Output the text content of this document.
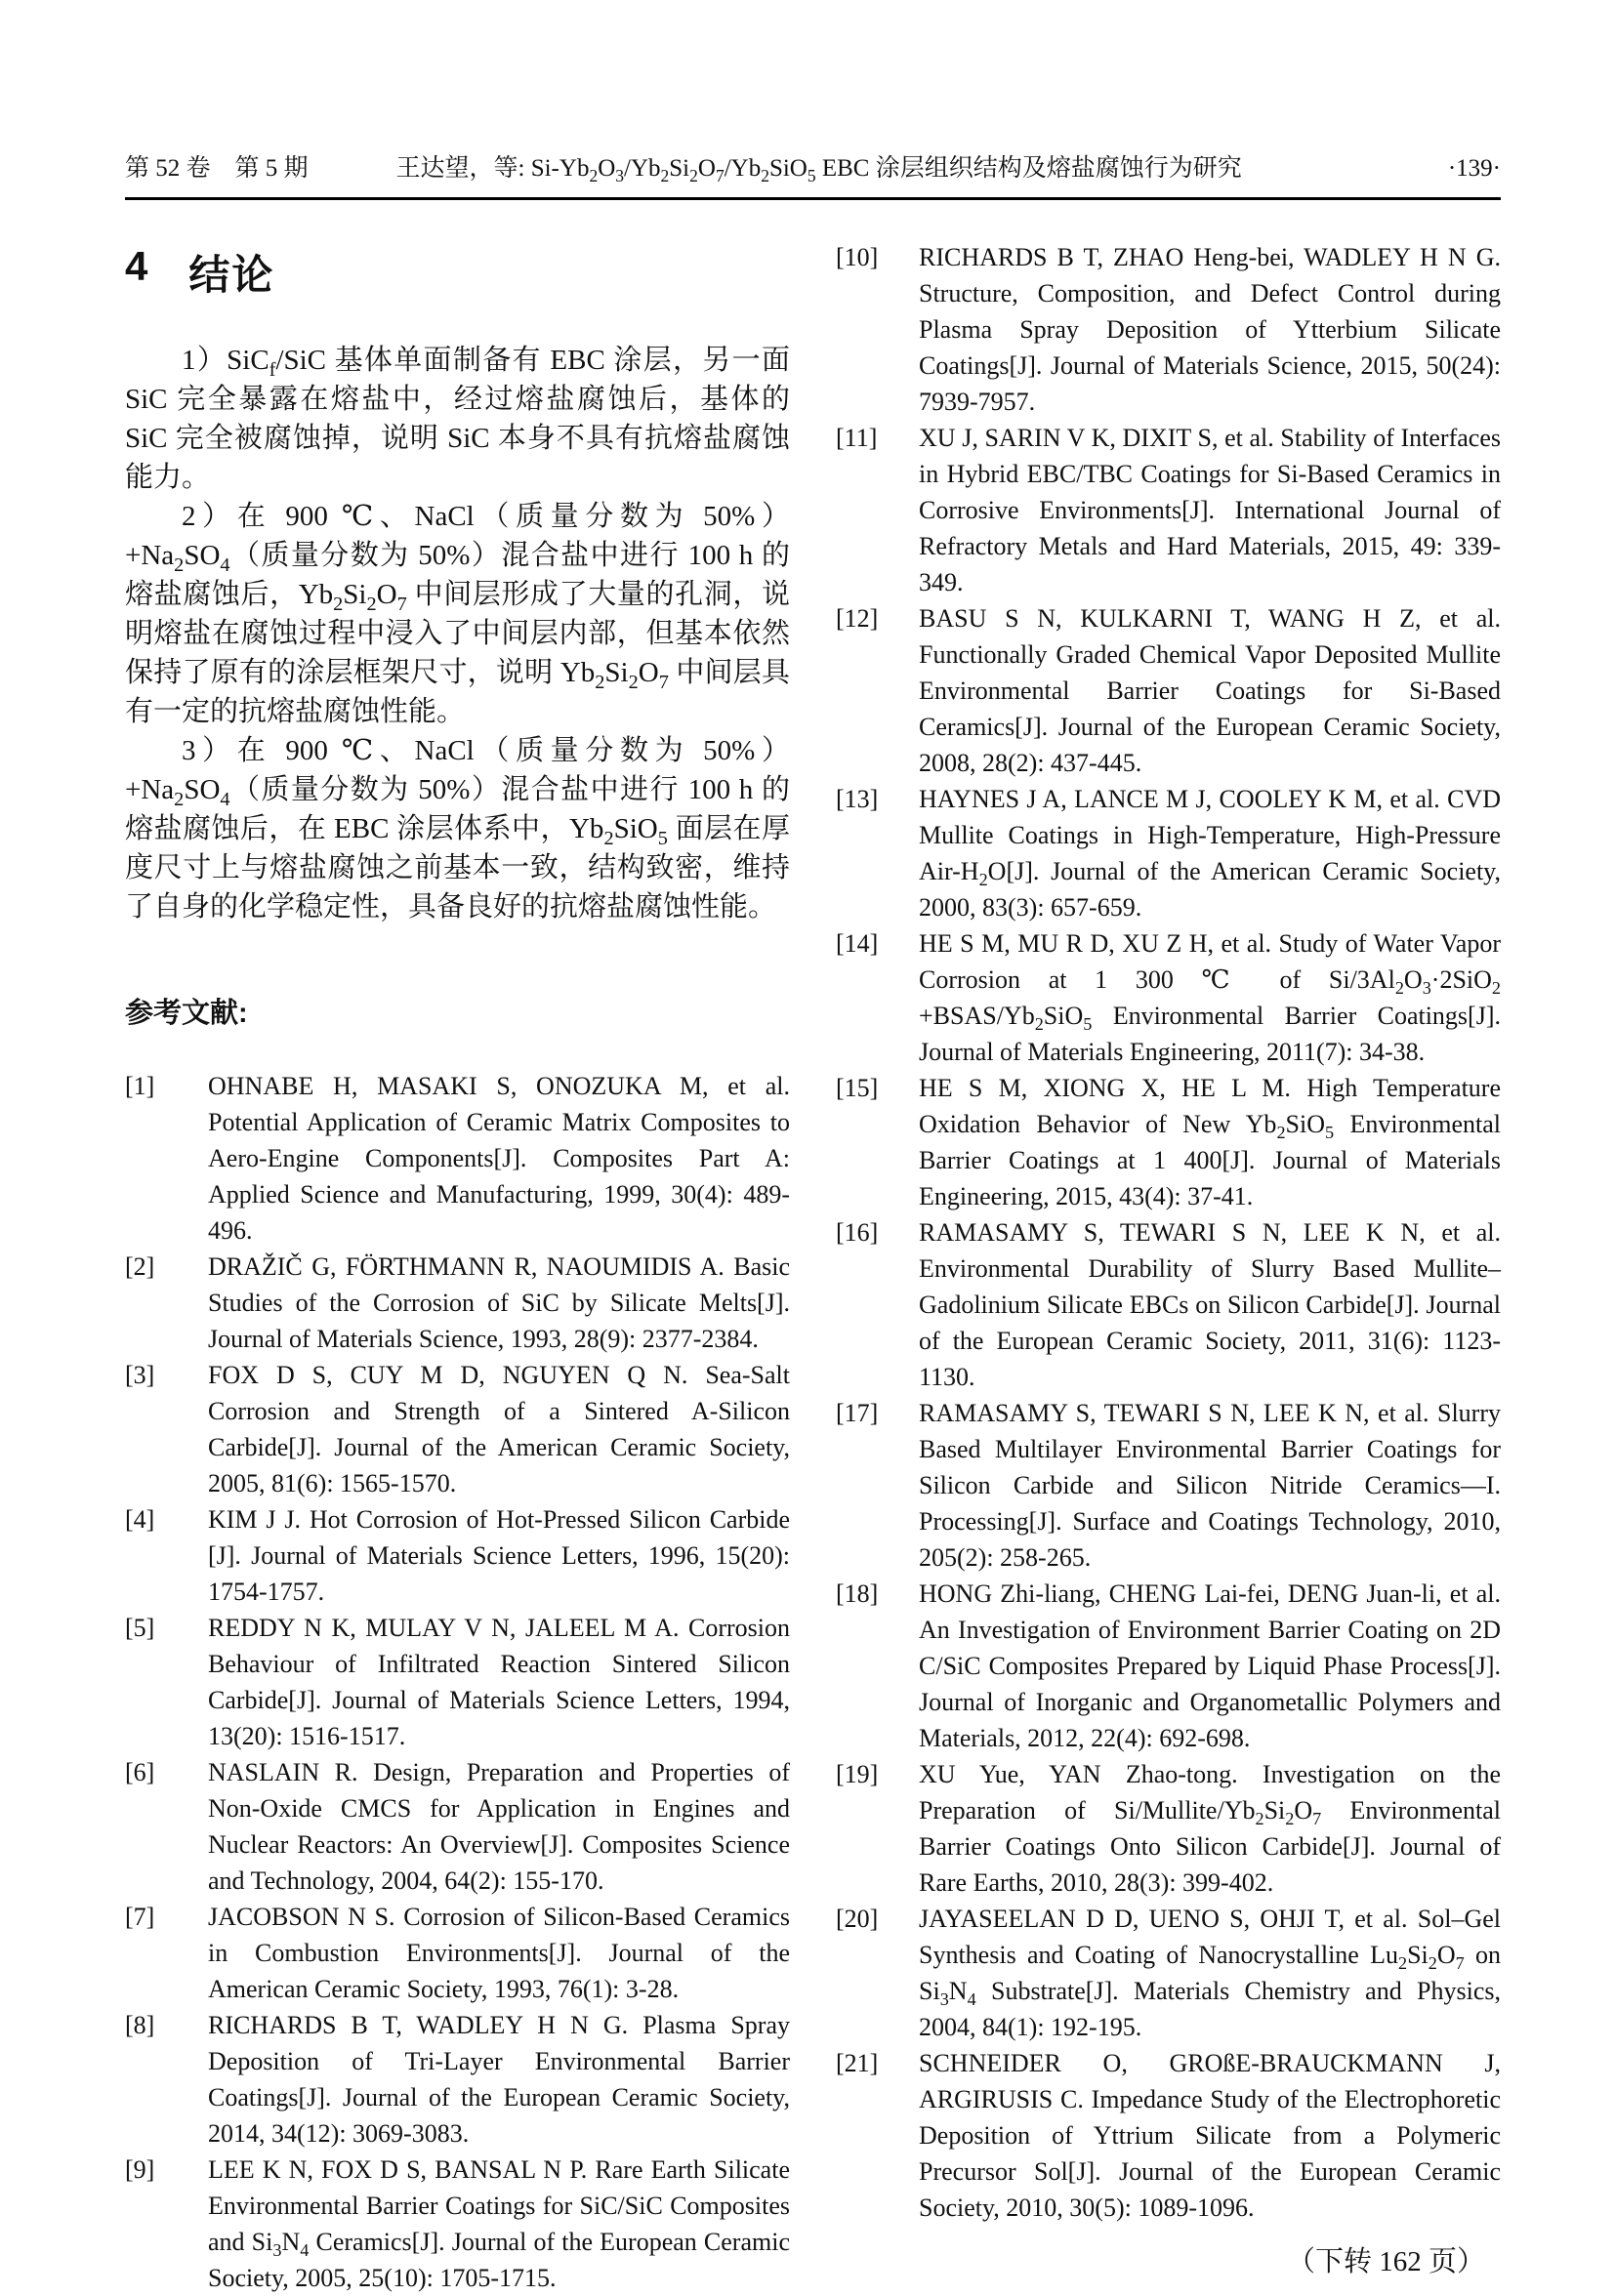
第 52 卷　第 5 期	王达望，等: $Si-Yb_2O_3/Yb_2Si_2O_7/Yb_2SiO_5$ EBC 涂层组织结构及熔盐腐蚀行为研究	·139·
4 结论

1）SiC$_f$/SiC 基体单面制备有 EBC 涂层，另一面 SiC 完全暴露在熔盐中，经过熔盐腐蚀后，基体的 SiC 完全被腐蚀掉，说明 SiC 本身不具有抗熔盐腐蚀能力。

2）在 900 ℃、NaCl（质量分数为 $50\%)+Na_2SO_4$（质量分数为 50%）混合盐中进行 100 h 的熔盐腐蚀后，$Yb_2Si_2O_7$ 中间层形成了大量的孔洞，说明熔盐在腐蚀过程中浸入了中间层内部，但基本依然保持了原有的涂层框架尺寸，说明 $Yb_2Si_2O_7$ 中间层具有一定的抗熔盐腐蚀性能。

3）在 900 ℃、NaCl（质量分数为 $50\%)+Na_2SO_4$（质量分数为 50%）混合盐中进行 100 h 的熔盐腐蚀后，在 EBC 涂层体系中，$Yb_2SiO_5$ 面层在厚度尺寸上与熔盐腐蚀之前基本一致，结构致密，维持了自身的化学稳定性，具备良好的抗熔盐腐蚀性能。

参考文献:
[1]	OHNABE H, MASAKI S, ONOZUKA M, et al. Potential Application of Ceramic Matrix Composites to Aero-Engine Components[J]. Composites Part A: Applied Science and Manufacturing, 1999, 30(4): 489-496.
[2]	DRAŽIČ G, FÖRTHMANN R, NAOUMIDIS A. Basic Studies of the Corrosion of SiC by Silicate Melts[J]. Journal of Materials Science, 1993, 28(9): 2377-2384.
[3]	FOX D S, CUY M D, NGUYEN Q N. Sea-Salt Corrosion and Strength of a Sintered A-Silicon Carbide[J]. Journal of the American Ceramic Society, 2005, 81(6): 1565-1570.
[4]	KIM J J. Hot Corrosion of Hot-Pressed Silicon Carbide [J]. Journal of Materials Science Letters, 1996, 15(20): 1754-1757.
[5]	REDDY N K, MULAY V N, JALEEL M A. Corrosion Behaviour of Infiltrated Reaction Sintered Silicon Carbide[J]. Journal of Materials Science Letters, 1994, 13(20): 1516-1517.
[6]	NASLAIN R. Design, Preparation and Properties of Non-Oxide CMCS for Application in Engines and Nuclear Reactors: An Overview[J]. Composites Science and Technology, 2004, 64(2): 155-170.
[7]	JACOBSON N S. Corrosion of Silicon-Based Ceramics in Combustion Environments[J]. Journal of the American Ceramic Society, 1993, 76(1): 3-28.
[8]	RICHARDS B T, WADLEY H N G. Plasma Spray Deposition of Tri-Layer Environmental Barrier Coatings[J]. Journal of the European Ceramic Society, 2014, 34(12): 3069-3083.
[9]	LEE K N, FOX D S, BANSAL N P. Rare Earth Silicate Environmental Barrier Coatings for SiC/SiC Composites and $Si_3N_4$ Ceramics[J]. Journal of the European Ceramic Society, 2005, 25(10): 1705-1715.
[10]	RICHARDS B T, ZHAO Heng-bei, WADLEY H N G. Structure, Composition, and Defect Control during Plasma Spray Deposition of Ytterbium Silicate Coatings[J]. Journal of Materials Science, 2015, 50(24): 7939-7957.
[11]	XU J, SARIN V K, DIXIT S, et al. Stability of Interfaces in Hybrid EBC/TBC Coatings for Si-Based Ceramics in Corrosive Environments[J]. International Journal of Refractory Metals and Hard Materials, 2015, 49: 339-349.
[12]	BASU S N, KULKARNI T, WANG H Z, et al. Functionally Graded Chemical Vapor Deposited Mullite Environmental Barrier Coatings for Si-Based Ceramics[J]. Journal of the European Ceramic Society, 2008, 28(2): 437-445.
[13]	HAYNES J A, LANCE M J, COOLEY K M, et al. CVD Mullite Coatings in High-Temperature, High-Pressure Air-$H_2O[J]$. Journal of the American Ceramic Society, 2000, 83(3): 657-659.
[14]	HE S M, MU R D, XU Z H, et al. Study of Water Vapor Corrosion at 1 300 ℃ of $Si/3Al_2O_3\cdot 2SiO_2$ $+BSAS/Yb_2SiO_5$ Environmental Barrier Coatings[J]. Journal of Materials Engineering, 2011(7): 34-38.
[15]	HE S M, XIONG X, HE L M. High Temperature Oxidation Behavior of New $Yb_2SiO_5$ Environmental Barrier Coatings at 1 400[J]. Journal of Materials Engineering, 2015, 43(4): 37-41.
[16]	RAMASAMY S, TEWARI S N, LEE K N, et al. Environmental Durability of Slurry Based Mullite–Gadolinium Silicate EBCs on Silicon Carbide[J]. Journal of the European Ceramic Society, 2011, 31(6): 1123-1130.
[17]	RAMASAMY S, TEWARI S N, LEE K N, et al. Slurry Based Multilayer Environmental Barrier Coatings for Silicon Carbide and Silicon Nitride Ceramics—I. Processing[J]. Surface and Coatings Technology, 2010, 205(2): 258-265.
[18]	HONG Zhi-liang, CHENG Lai-fei, DENG Juan-li, et al. An Investigation of Environment Barrier Coating on 2D C/SiC Composites Prepared by Liquid Phase Process[J]. Journal of Inorganic and Organometallic Polymers and Materials, 2012, 22(4): 692-698.
[19]	XU Yue, YAN Zhao-tong. Investigation on the Preparation of $Si/Mullite/Yb_2Si_2O_7$ Environmental Barrier Coatings Onto Silicon Carbide[J]. Journal of Rare Earths, 2010, 28(3): 399-402.
[20]	JAYASEELAN D D, UENO S, OHJI T, et al. Sol–Gel Synthesis and Coating of Nanocrystalline $Lu_2Si_2O_7$ on $Si_3N_4$ Substrate[J]. Materials Chemistry and Physics, 2004, 84(1): 192-195.
[21]	SCHNEIDER O, GROßE-BRAUCKMANN J, ARGIRUSIS C. Impedance Study of the Electrophoretic Deposition of Yttrium Silicate from a Polymeric Precursor Sol[J]. Journal of the European Ceramic Society, 2010, 30(5): 1089-1096.
（下转 162 页）
